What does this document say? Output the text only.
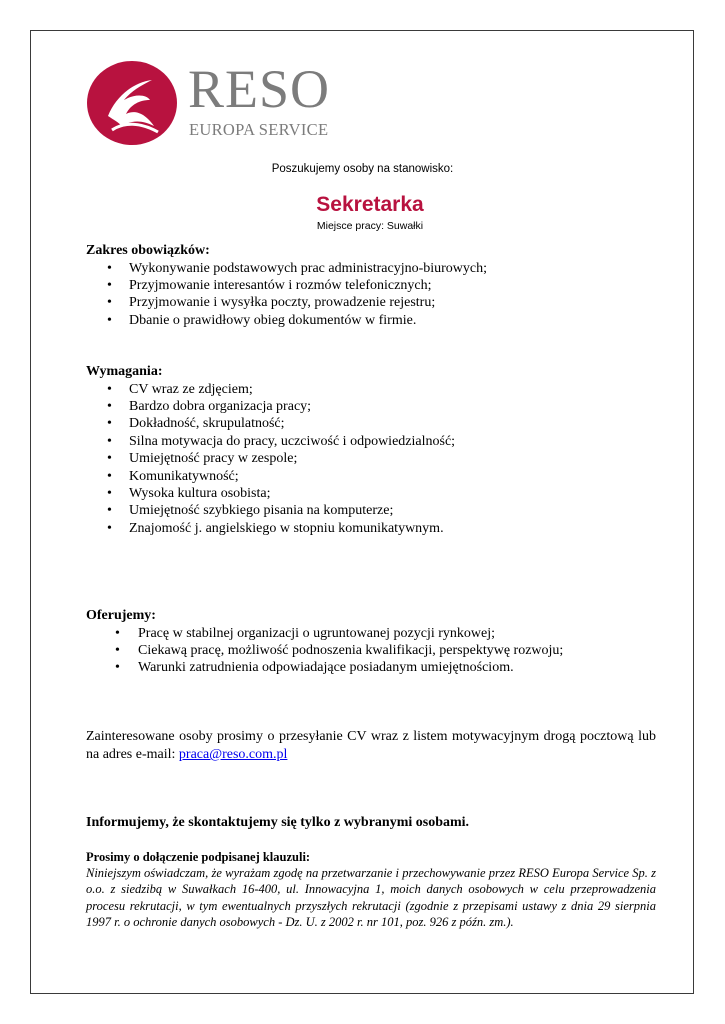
RESO
EUROPA SERVICE
Poszukujemy osoby na stanowisko:
Sekretarka
Miejsce pracy: Suwałki
Zakres obowiązków:
• Wykonywanie podstawowych prac administracyjno-biurowych;
• Przyjmowanie interesantów i rozmów telefonicznych;
• Przyjmowanie i wysyłka poczty, prowadzenie rejestru;
• Dbanie o prawidłowy obieg dokumentów w firmie.
Wymagania:
• CV wraz ze zdjęciem;
• Bardzo dobra organizacja pracy;
• Dokładność, skrupulatność;
• Silna motywacja do pracy, uczciwość i odpowiedzialność;
• Umiejętność pracy w zespole;
• Komunikatywność;
• Wysoka kultura osobista;
• Umiejętność szybkiego pisania na komputerze;
• Znajomość j. angielskiego w stopniu komunikatywnym.
Oferujemy:
• Pracę w stabilnej organizacji o ugruntowanej pozycji rynkowej;
• Ciekawą pracę, możliwość podnoszenia kwalifikacji, perspektywę rozwoju;
• Warunki zatrudnienia odpowiadające posiadanym umiejętnościom.
Zainteresowane osoby prosimy o przesyłanie CV wraz z listem motywacyjnym drogą pocztową lub na adres e-mail: praca@reso.com.pl
Informujemy, że skontaktujemy się tylko z wybranymi osobami.
Prosimy o dołączenie podpisanej klauzuli:
Niniejszym oświadczam, że wyrażam zgodę na przetwarzanie i przechowywanie przez RESO Europa Service Sp. z o.o. z siedzibą w Suwałkach 16-400, ul. Innowacyjna 1, moich danych osobowych w celu przeprowadzenia procesu rekrutacji, w tym ewentualnych przyszłych rekrutacji (zgodnie z przepisami ustawy z dnia 29 sierpnia 1997 r. o ochronie danych osobowych - Dz. U. z 2002 r. nr 101, poz. 926 z późn. zm.).
